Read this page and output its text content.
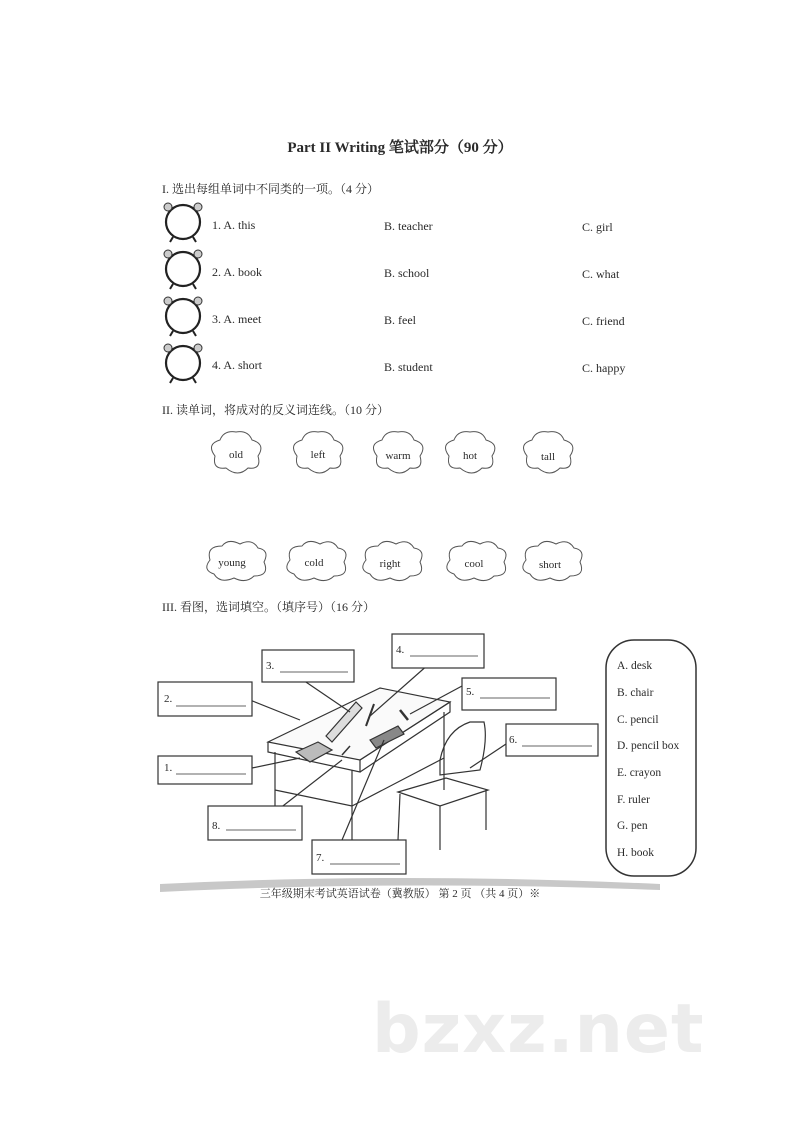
Part II Writing 笔试部分（90 分）
I. 选出每组单词中不同类的一项。（4 分）
1. A. this	B. teacher	C. girl
2. A. book	B. school	C. what
3. A. meet	B. feel	C. friend
4. A. short	B. student	C. happy
II. 读单词，将成对的反义词连线。（10 分）
old	left	warm	hot	tall
young	cold	right	cool	short
III. 看图，选词填空。（填序号）（16 分）
1.
2.
3.
4.
5.
6.
7.
8.
A. desk
B. chair
C. pencil
D. pencil box
E. crayon
F. ruler
G. pen
H. book
三年级期末考试英语试卷（冀教版） 第 2 页 （共 4 页）※
bzxz.net
